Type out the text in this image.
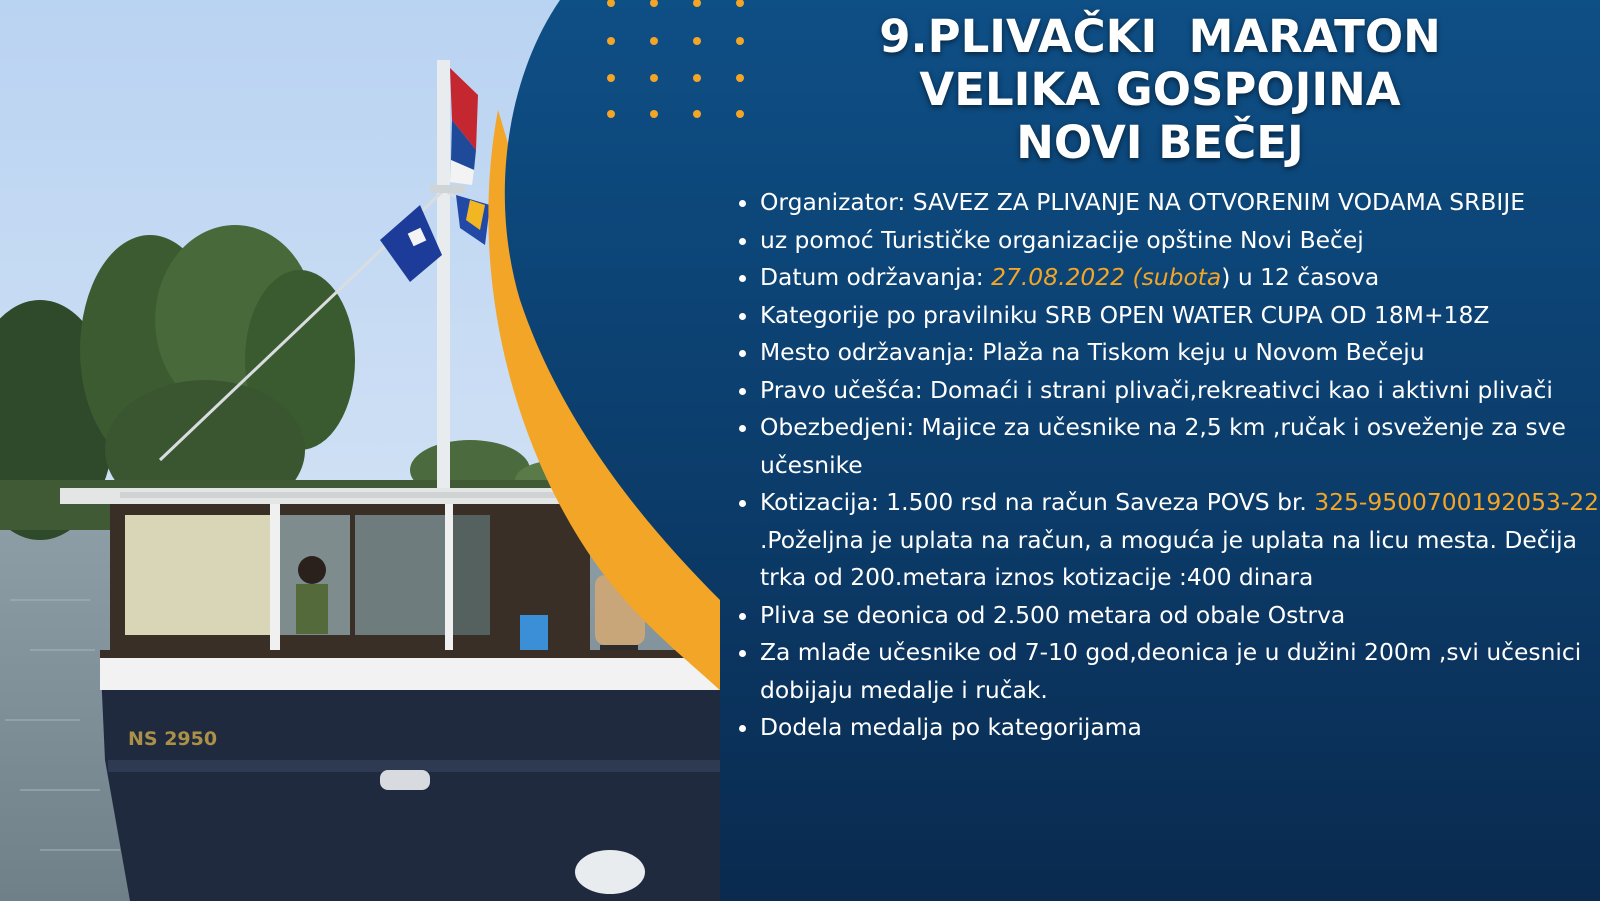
NS 2950
9.PLIVAČKI  MARATON
VELIKA GOSPOJINA
NOVI BEČEJ
• Organizator: SAVEZ ZA PLIVANJE NA OTVORENIM VODAMA SRBIJE
• uz pomoć Turističke organizacije opštine Novi Bečej
• Datum održavanja: 27.08.2022 (subota) u 12 časova
• Kategorije po pravilniku SRB OPEN WATER CUPA OD 18M+18Z
• Mesto održavanja: Plaža na Tiskom keju u Novom Bečeju
• Pravo učešća: Domaći i strani plivači,rekreativci kao i aktivni plivači
• Obezbedjeni: Majice za učesnike na 2,5 km ,ručak i osveženje za sve učesnike
• Kotizacija: 1.500 rsd na račun Saveza POVS br. 325-9500700192053-22 .Poželjna je uplata na račun, a moguća je uplata na licu mesta. Dečija trka od 200.metara iznos kotizacije :400 dinara
• Pliva se deonica od 2.500 metara od obale Ostrva
• Za mlađe učesnike od 7-10 god,deonica je u dužini 200m ,svi učesnici dobijaju medalje i ručak.
• Dodela medalja po kategorijama
